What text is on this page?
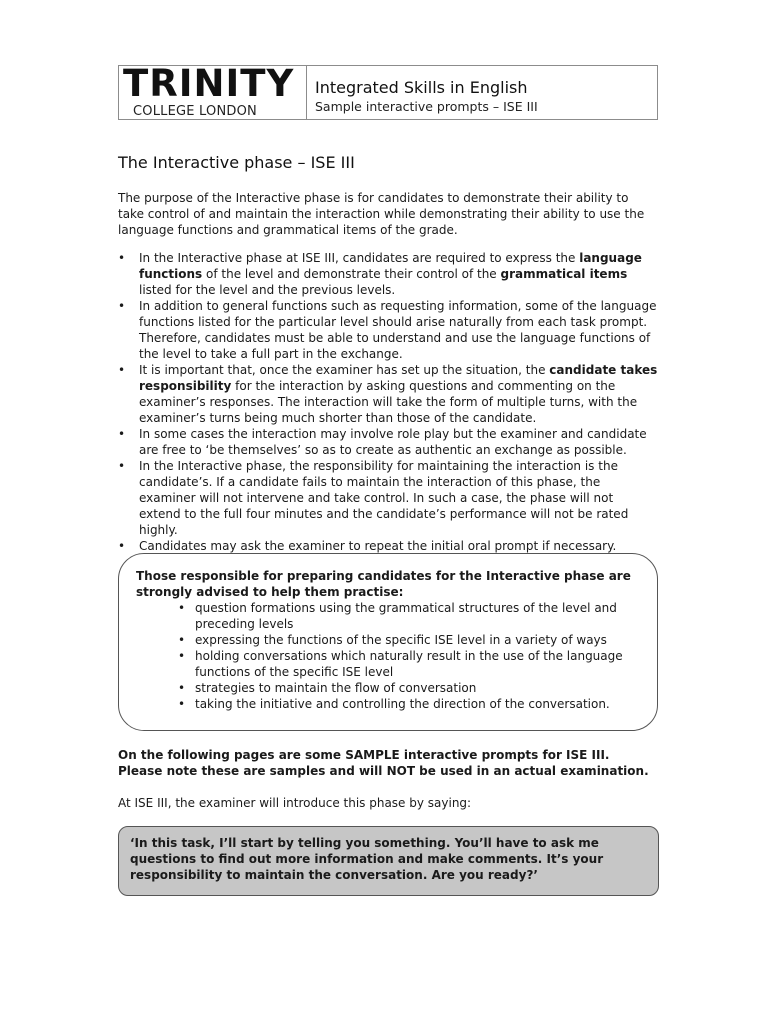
TRINITY
COLLEGE LONDON
Integrated Skills in English
Sample interactive prompts – ISE III
The Interactive phase – ISE III

The purpose of the Interactive phase is for candidates to demonstrate their ability to take control of and maintain the interaction while demonstrating their ability to use the language functions and grammatical items of the grade.

• In the Interactive phase at ISE III, candidates are required to express the language functions of the level and demonstrate their control of the grammatical items listed for the level and the previous levels.
• In addition to general functions such as requesting information, some of the language functions listed for the particular level should arise naturally from each task prompt. Therefore, candidates must be able to understand and use the language functions of the level to take a full part in the exchange.
• It is important that, once the examiner has set up the situation, the candidate takes responsibility for the interaction by asking questions and commenting on the examiner’s responses. The interaction will take the form of multiple turns, with the examiner’s turns being much shorter than those of the candidate.
• In some cases the interaction may involve role play but the examiner and candidate are free to ‘be themselves’ so as to create as authentic an exchange as possible.
• In the Interactive phase, the responsibility for maintaining the interaction is the candidate’s. If a candidate fails to maintain the interaction of this phase, the examiner will not intervene and take control. In such a case, the phase will not extend to the full four minutes and the candidate’s performance will not be rated highly.
• Candidates may ask the examiner to repeat the initial oral prompt if necessary.
Those responsible for preparing candidates for the Interactive phase are strongly advised to help them practise:
• question formations using the grammatical structures of the level and preceding levels
• expressing the functions of the specific ISE level in a variety of ways
• holding conversations which naturally result in the use of the language functions of the specific ISE level
• strategies to maintain the flow of conversation
• taking the initiative and controlling the direction of the conversation.

On the following pages are some SAMPLE interactive prompts for ISE III. Please note these are samples and will NOT be used in an actual examination.

At ISE III, the examiner will introduce this phase by saying:

‘In this task, I’ll start by telling you something. You’ll have to ask me questions to find out more information and make comments. It’s your responsibility to maintain the conversation. Are you ready?’
